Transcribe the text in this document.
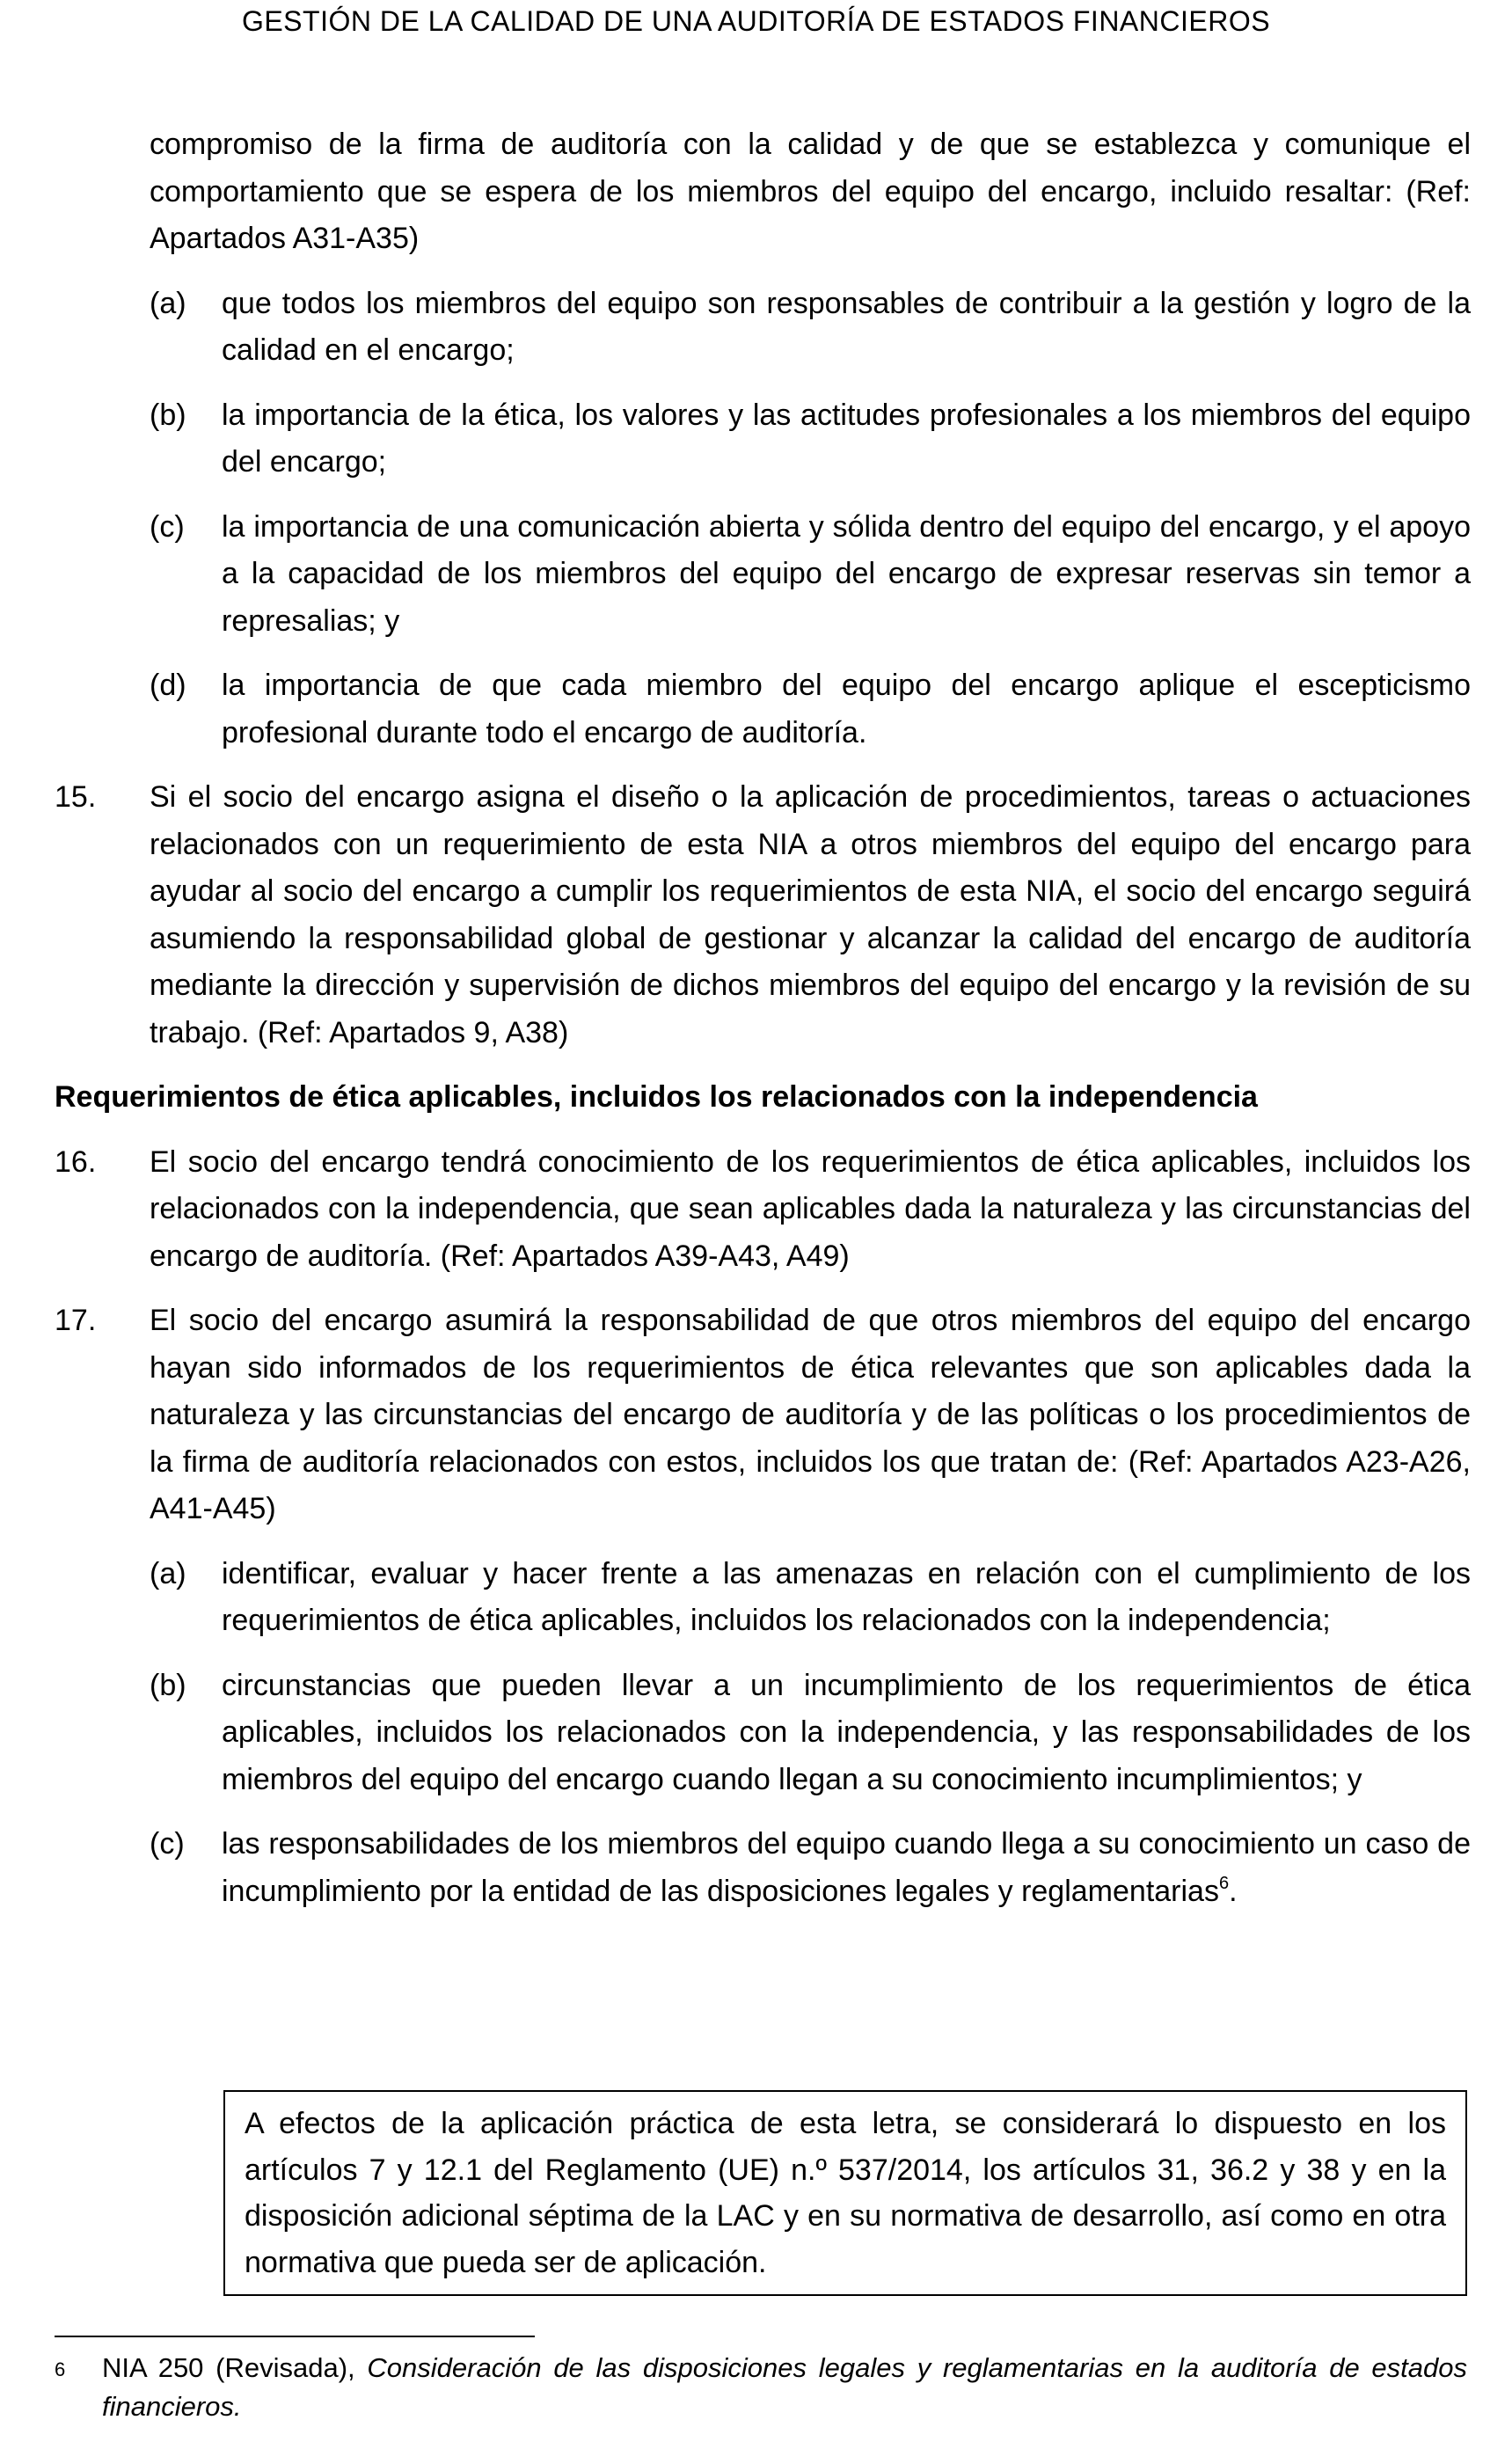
GESTIÓN DE LA CALIDAD DE UNA AUDITORÍA DE ESTADOS FINANCIEROS

compromiso de la firma de auditoría con la calidad y de que se establezca y comunique el comportamiento que se espera de los miembros del equipo del encargo, incluido resaltar: (Ref: Apartados A31-A35)

(a) que todos los miembros del equipo son responsables de contribuir a la gestión y logro de la calidad en el encargo;
(b) la importancia de la ética, los valores y las actitudes profesionales a los miembros del equipo del encargo;
(c) la importancia de una comunicación abierta y sólida dentro del equipo del encargo, y el apoyo a la capacidad de los miembros del equipo del encargo de expresar reservas sin temor a represalias; y
(d) la importancia de que cada miembro del equipo del encargo aplique el escepticismo profesional durante todo el encargo de auditoría.
15. Si el socio del encargo asigna el diseño o la aplicación de procedimientos, tareas o actuaciones relacionados con un requerimiento de esta NIA a otros miembros del equipo del encargo para ayudar al socio del encargo a cumplir los requerimientos de esta NIA, el socio del encargo seguirá asumiendo la responsabilidad global de gestionar y alcanzar la calidad del encargo de auditoría mediante la dirección y supervisión de dichos miembros del equipo del encargo y la revisión de su trabajo. (Ref: Apartados 9, A38)

Requerimientos de ética aplicables, incluidos los relacionados con la independencia

16. El socio del encargo tendrá conocimiento de los requerimientos de ética aplicables, incluidos los relacionados con la independencia, que sean aplicables dada la naturaleza y las circunstancias del encargo de auditoría. (Ref: Apartados A39-A43, A49)
17. El socio del encargo asumirá la responsabilidad de que otros miembros del equipo del encargo hayan sido informados de los requerimientos de ética relevantes que son aplicables dada la naturaleza y las circunstancias del encargo de auditoría y de las políticas o los procedimientos de la firma de auditoría relacionados con estos, incluidos los que tratan de: (Ref: Apartados A23-A26, A41-A45)
(a) identificar, evaluar y hacer frente a las amenazas en relación con el cumplimiento de los requerimientos de ética aplicables, incluidos los relacionados con la independencia;
(b) circunstancias que pueden llevar a un incumplimiento de los requerimientos de ética aplicables, incluidos los relacionados con la independencia, y las responsabilidades de los miembros del equipo del encargo cuando llegan a su conocimiento incumplimientos; y
(c) las responsabilidades de los miembros del equipo cuando llega a su conocimiento un caso de incumplimiento por la entidad de las disposiciones legales y reglamentarias$^6$.
A efectos de la aplicación práctica de esta letra, se considerará lo dispuesto en los artículos 7 y 12.1 del Reglamento (UE) n.º 537/2014, los artículos 31, 36.2 y 38 y en la disposición adicional séptima de la LAC y en su normativa de desarrollo, así como en otra normativa que pueda ser de aplicación.
6 NIA 250 (Revisada), Consideración de las disposiciones legales y reglamentarias en la auditoría de estados financieros.
